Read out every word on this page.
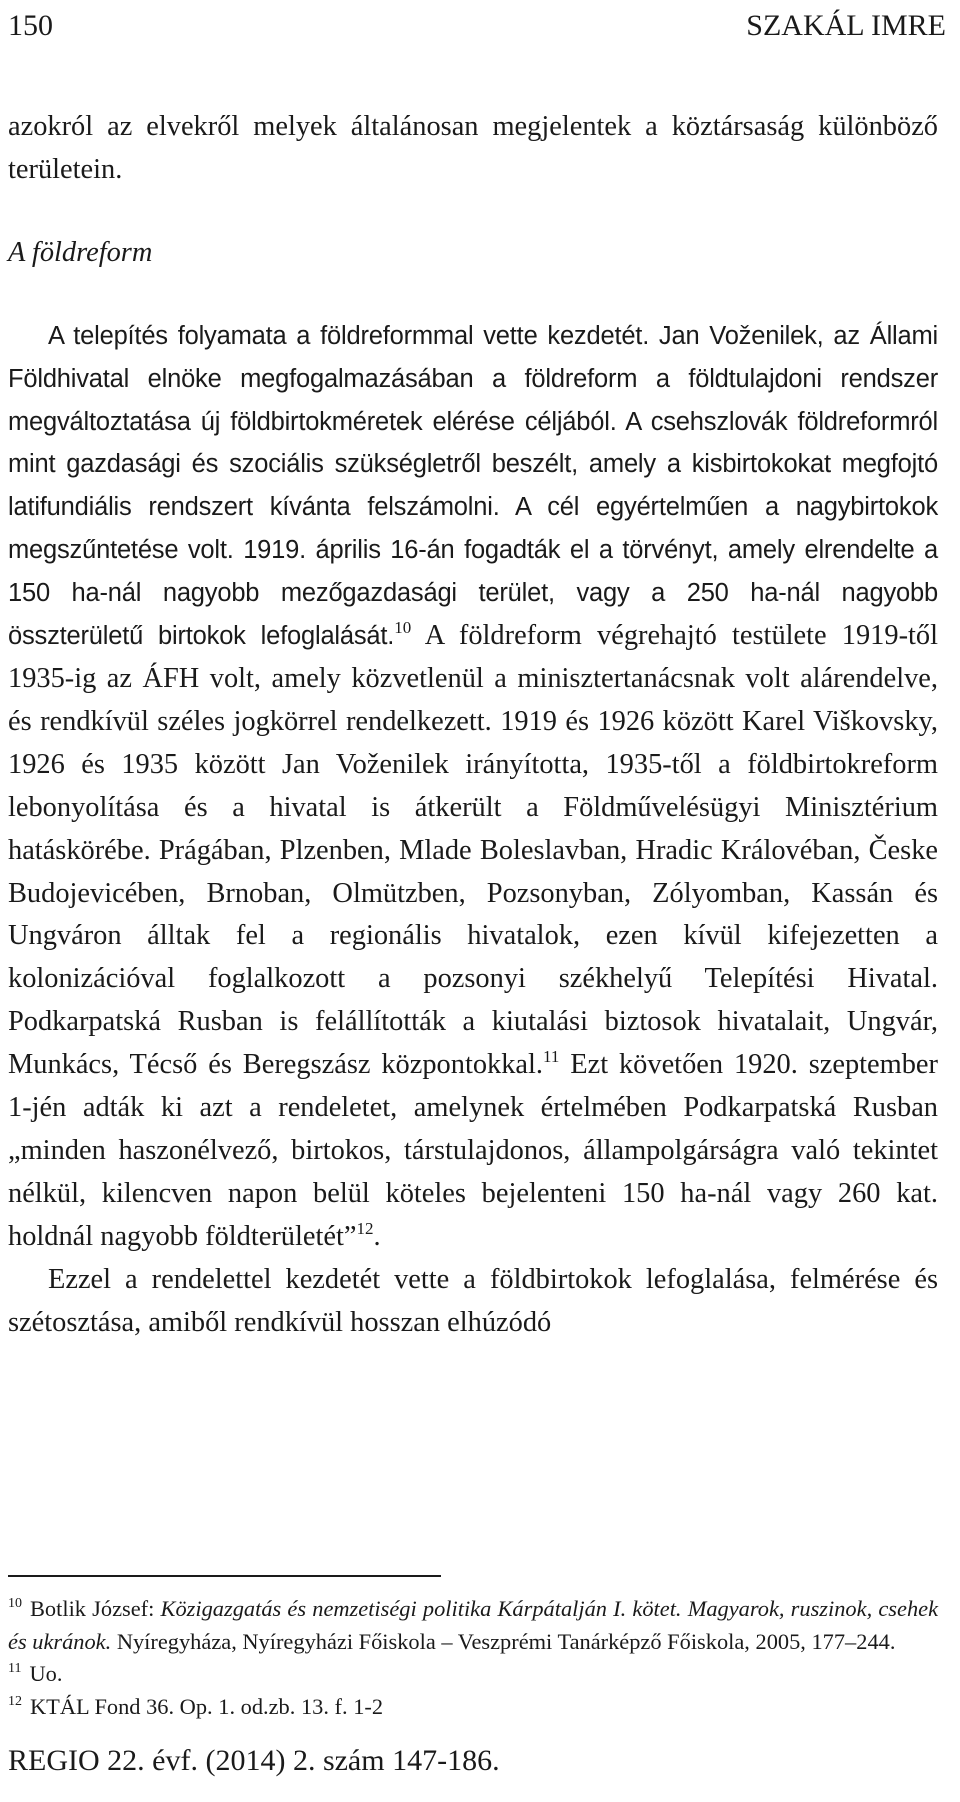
150	SZAKÁL IMRE

azokról az elvekről melyek általánosan megjelentek a köztársaság különböző területein.

A földreform

A telepítés folyamata a földreformmal vette kezdetét. Jan Voženilek, az Állami Földhivatal elnöke megfogalmazásában a földreform a földtulajdoni rendszer megváltoztatása új földbirtokméretek elérése céljából. A csehszlovák földreformról mint gazdasági és szociális szükségletről beszélt, amely a kisbirtokokat megfojtó latifundiális rendszert kívánta felszámolni. A cél egyértelműen a nagybirtokok megszűntetése volt. 1919. április 16-án fogadták el a törvényt, amely elrendelte a 150 ha-nál nagyobb mezőgazdasági terület, vagy a 250 ha-nál nagyobb összterületű birtokok lefoglalását.$^{10}$ A földreform végrehajtó testülete 1919-től 1935-ig az ÁFH volt, amely közvetlenül a minisztertanácsnak volt alárendelve, és rendkívül széles jogkörrel rendelkezett. 1919 és 1926 között Karel Viškovsky, 1926 és 1935 között Jan Voženilek irányította, 1935-től a földbirtokreform lebonyolítása és a hivatal is átkerült a Földművelésügyi Minisztérium hatáskörébe. Prágában, Plzenben, Mlade Boleslavban, Hradic Královéban, Česke Budojevicében, Brnoban, Olmützben, Pozsonyban, Zólyomban, Kassán és Ungváron álltak fel a regionális hivatalok, ezen kívül kifejezetten a kolonizációval foglalkozott a pozsonyi székhelyű Telepítési Hivatal. Podkarpatská Rusban is felállították a kiutalási biztosok hivatalait, Ungvár, Munkács, Técső és Beregszász központokkal.$^{11}$ Ezt követően 1920. szeptember 1-jén adták ki azt a rendeletet, amelynek értelmében Podkarpatská Rusban „minden haszonélvező, birtokos, társtulajdonos, állampolgárságra való tekintet nélkül, kilencven napon belül köteles bejelenteni 150 ha-nál vagy 260 kat. holdnál nagyobb földterületét”$^{12}$.

Ezzel a rendelettel kezdetét vette a földbirtokok lefoglalása, felmérése és szétosztása, amiből rendkívül hosszan elhúzódó

$^{10}$ Botlik József: Közigazgatás és nemzetiségi politika Kárpátalján I. kötet. Magyarok, ruszinok, csehek és ukránok. Nyíregyháza, Nyíregyházi Főiskola – Veszprémi Tanárképző Főiskola, 2005, 177–244.

$^{11}$ Uo.

$^{12}$ KTÁL Fond 36. Op. 1. od.zb. 13. f. 1-2

REGIO 22. évf. (2014) 2. szám 147-186.
